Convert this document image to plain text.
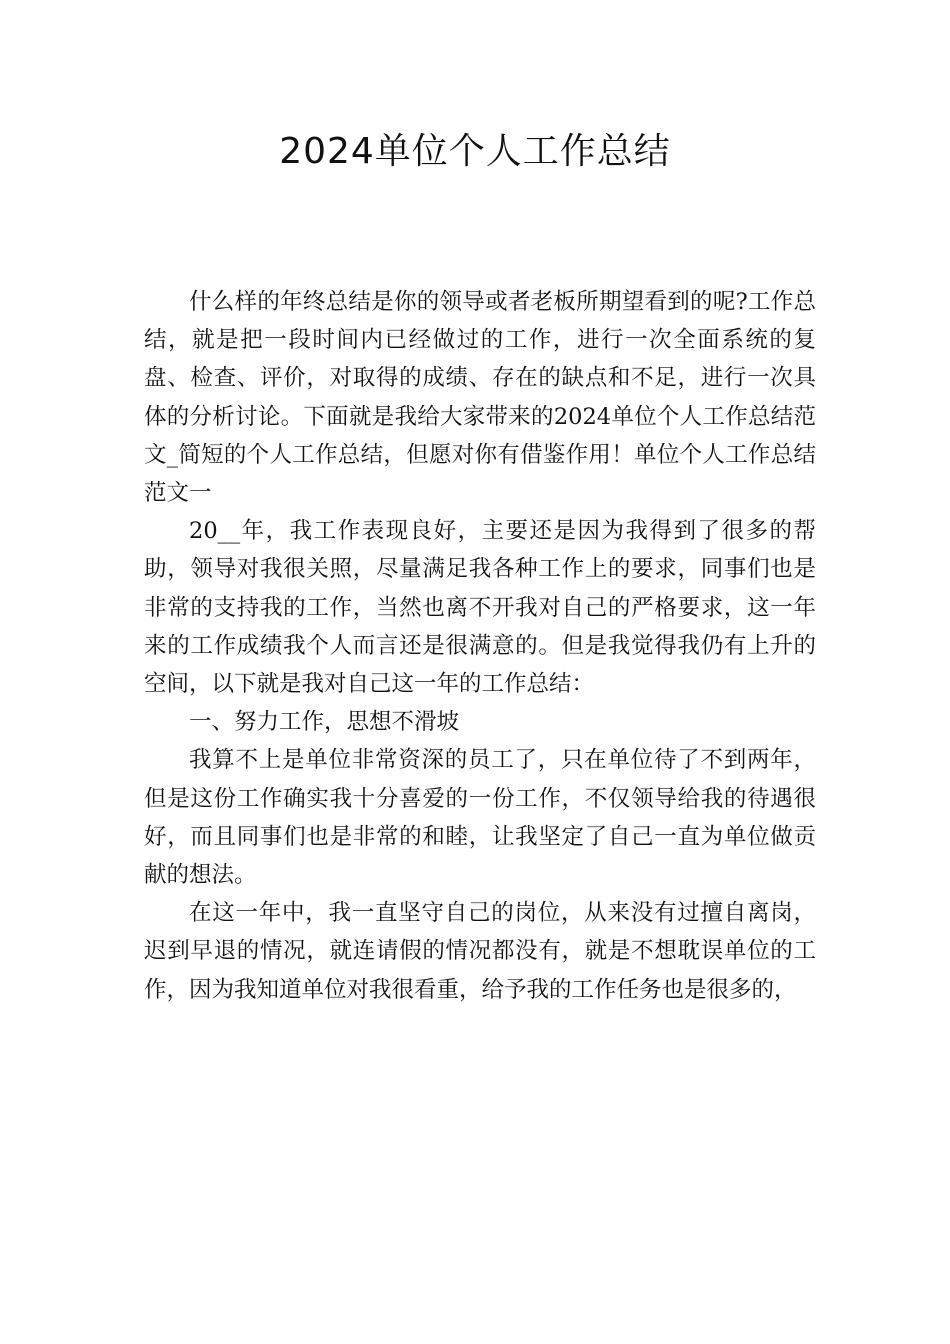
2024单位个人工作总结

什么样的年终总结是你的领导或者老板所期望看到的呢?工作总结，就是把一段时间内已经做过的工作，进行一次全面系统的复盘、检查、评价，对取得的成绩、存在的缺点和不足，进行一次具体的分析讨论。下面就是我给大家带来的2024单位个人工作总结范文_简短的个人工作总结，但愿对你有借鉴作用！单位个人工作总结范文一

20__年，我工作表现良好，主要还是因为我得到了很多的帮助，领导对我很关照，尽量满足我各种工作上的要求，同事们也是非常的支持我的工作，当然也离不开我对自己的严格要求，这一年来的工作成绩我个人而言还是很满意的。但是我觉得我仍有上升的空间，以下就是我对自己这一年的工作总结：

一、努力工作，思想不滑坡

我算不上是单位非常资深的员工了，只在单位待了不到两年，但是这份工作确实我十分喜爱的一份工作，不仅领导给我的待遇很好，而且同事们也是非常的和睦，让我坚定了自己一直为单位做贡献的想法。

在这一年中，我一直坚守自己的岗位，从来没有过擅自离岗，迟到早退的情况，就连请假的情况都没有，就是不想耽误单位的工作，因为我知道单位对我很看重，给予我的工作任务也是很多的，
